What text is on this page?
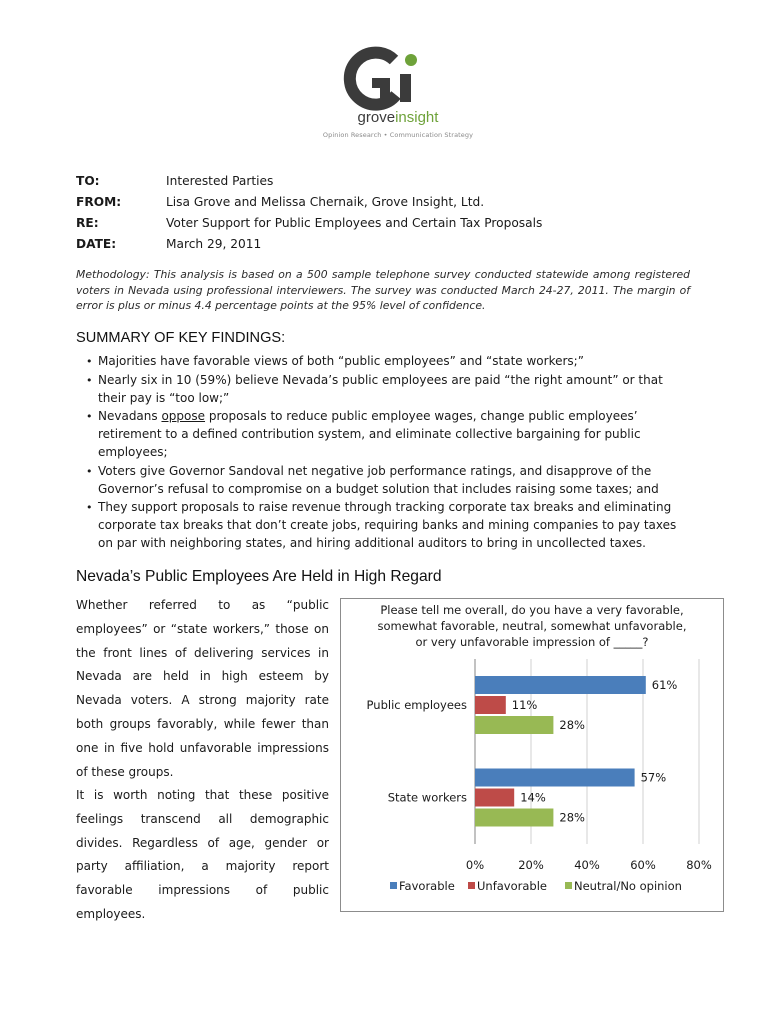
groveinsight
Opinion Research • Communication Strategy
TO:	Interested Parties
FROM:	Lisa Grove and Melissa Chernaik, Grove Insight, Ltd.
RE:	Voter Support for Public Employees and Certain Tax Proposals
DATE:	March 29, 2011
Methodology: This analysis is based on a 500 sample telephone survey conducted statewide among registered voters in Nevada using professional interviewers. The survey was conducted March 24-27, 2011. The margin of error is plus or minus 4.4 percentage points at the 95% level of confidence.
SUMMARY OF KEY FINDINGS:
• Majorities have favorable views of both “public employees” and “state workers;”
• Nearly six in 10 (59%) believe Nevada’s public employees are paid “the right amount” or that their pay is “too low;”
• Nevadans oppose proposals to reduce public employee wages, change public employees’ retirement to a defined contribution system, and eliminate collective bargaining for public employees;
• Voters give Governor Sandoval net negative job performance ratings, and disapprove of the Governor’s refusal to compromise on a budget solution that includes raising some taxes; and
• They support proposals to raise revenue through tracking corporate tax breaks and eliminating corporate tax breaks that don’t create jobs, requiring banks and mining companies to pay taxes on par with neighboring states, and hiring additional auditors to bring in uncollected taxes.
Nevada’s Public Employees Are Held in High Regard

Whether referred to as “public employees” or “state workers,” those on the front lines of delivering services in Nevada are held in high esteem by Nevada voters. A strong majority rate both groups favorably, while fewer than one in five hold unfavorable impressions of these groups.

It is worth noting that these positive feelings transcend all demographic divides. Regardless of age, gender or party affiliation, a majority report favorable impressions of public employees.

Please tell me overall, do you have a very favorable,
somewhat favorable, neutral, somewhat unfavorable,
or very unfavorable impression of _____?
0%	20%	40%	60%	80%
Public employees
61%
11%
28%
State workers
57%
14%
28%
Favorable Unfavorable Neutral/No opinion
